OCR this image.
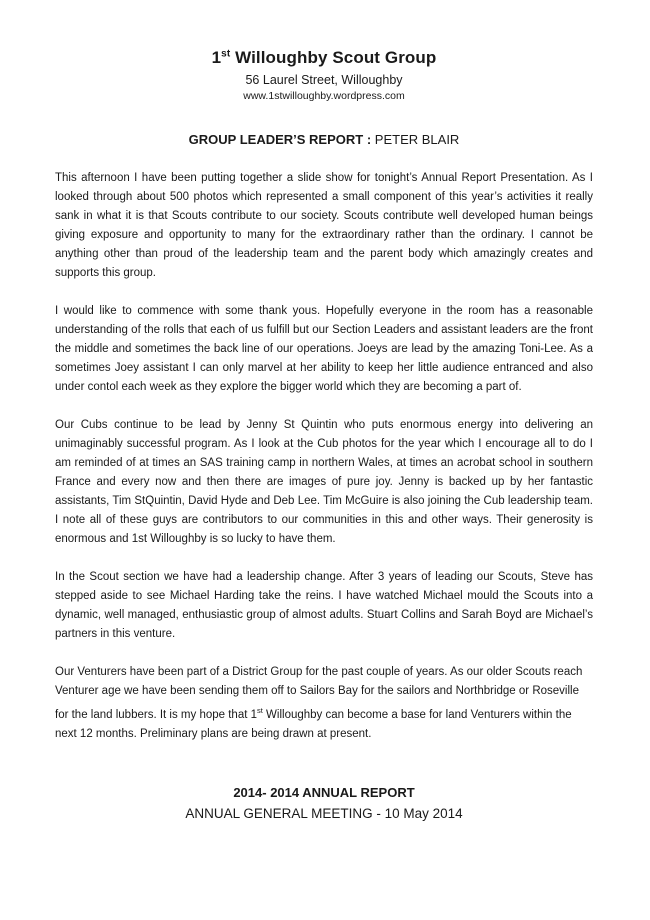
1st Willoughby Scout Group

56 Laurel Street, Willoughby

www.1stwilloughby.wordpress.com

GROUP LEADER’S REPORT : PETER BLAIR

This afternoon I have been putting together a slide show for tonight’s Annual Report Presentation. As I looked through about 500 photos which represented a small component of this year’s activities it really sank in what it is that Scouts contribute to our society. Scouts contribute well developed human beings giving exposure and opportunity to many for the extraordinary rather than the ordinary. I cannot be anything other than proud of the leadership team and the parent body which amazingly creates and supports this group.

I would like to commence with some thank yous. Hopefully everyone in the room has a reasonable understanding of the rolls that each of us fulfill but our Section Leaders and assistant leaders are the front the middle and sometimes the back line of our operations. Joeys are lead by the amazing Toni-Lee. As a sometimes Joey assistant I can only marvel at her ability to keep her little audience entranced and also under contol each week as they explore the bigger world which they are becoming a part of.

Our Cubs continue to be lead by Jenny St Quintin who puts enormous energy into delivering an unimaginably successful program. As I look at the Cub photos for the year which I encourage all to do I am reminded of at times an SAS training camp in northern Wales, at times an acrobat school in southern France and every now and then there are images of pure joy. Jenny is backed up by her fantastic assistants, Tim StQuintin, David Hyde and Deb Lee. Tim McGuire is also joining the Cub leadership team. I note all of these guys are contributors to our communities in this and other ways. Their generosity is enormous and 1st Willoughby is so lucky to have them.

In the Scout section we have had a leadership change. After 3 years of leading our Scouts, Steve has stepped aside to see Michael Harding take the reins. I have watched Michael mould the Scouts into a dynamic, well managed, enthusiastic group of almost adults. Stuart Collins and Sarah Boyd are Michael’s partners in this venture.

Our Venturers have been part of a District Group for the past couple of years. As our older Scouts reach Venturer age we have been sending them off to Sailors Bay for the sailors and Northbridge or Roseville for the land lubbers. It is my hope that 1st Willoughby can become a base for land Venturers within the next 12 months. Preliminary plans are being drawn at present.

2014- 2014 ANNUAL REPORT

ANNUAL GENERAL MEETING - 10 May 2014
